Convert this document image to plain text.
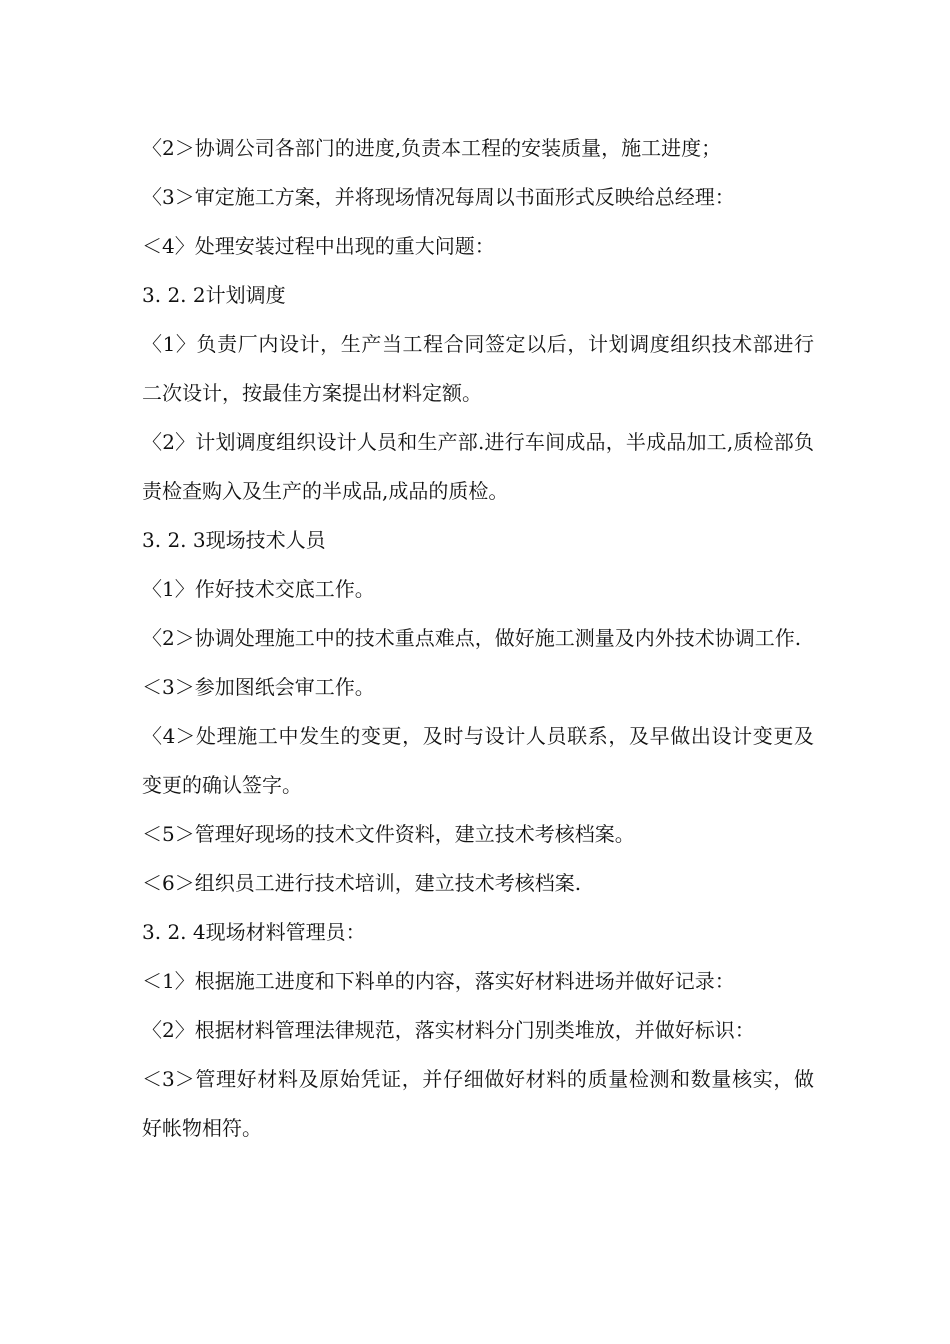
〈2＞协调公司各部门的进度,负责本工程的安装质量，施工进度；

〈3＞审定施工方案，并将现场情况每周以书面形式反映给总经理：

＜4〉处理安装过程中出现的重大问题：

3. 2. 2计划调度

〈1〉负责厂内设计，生产当工程合同签定以后，计划调度组织技术部进行二次设计，按最佳方案提出材料定额。

〈2〉计划调度组织设计人员和生产部.进行车间成品，半成品加工,质检部负责检查购入及生产的半成品,成品的质检。

3. 2. 3现场技术人员

〈1〉作好技术交底工作。

〈2＞协调处理施工中的技术重点难点，做好施工测量及内外技术协调工作.

＜3＞参加图纸会审工作。

〈4＞处理施工中发生的变更，及时与设计人员联系，及早做出设计变更及变更的确认签字。

＜5＞管理好现场的技术文件资料，建立技术考核档案。

＜6＞组织员工进行技术培训，建立技术考核档案.

3. 2. 4现场材料管理员：

＜1〉根据施工进度和下料单的内容，落实好材料进场并做好记录：

〈2〉根据材料管理法律规范，落实材料分门别类堆放，并做好标识：

＜3＞管理好材料及原始凭证，并仔细做好材料的质量检测和数量核实，做好帐物相符。
